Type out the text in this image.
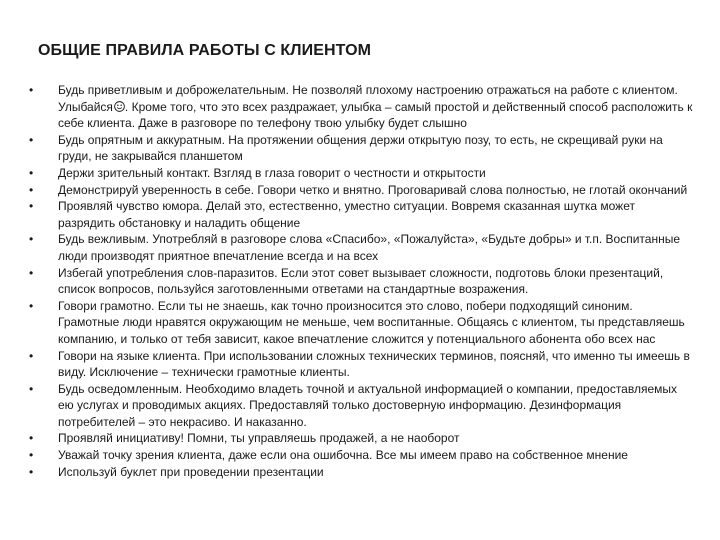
ОБЩИЕ ПРАВИЛА РАБОТЫ С КЛИЕНТОМ
• Будь приветливым и доброжелательным. Не позволяй плохому настроению отражаться на работе с клиентом. Улыбайся . Кроме того, что это всех раздражает, улыбка – самый простой и действенный способ расположить к себе клиента. Даже в разговоре по телефону твою улыбку будет слышно
• Будь опрятным и аккуратным. На протяжении общения держи открытую позу, то есть, не скрещивай руки на груди, не закрывайся планшетом
• Держи зрительный контакт. Взгляд в глаза говорит о честности и открытости
• Демонстрируй уверенность в себе. Говори четко и внятно. Проговаривай слова полностью, не глотай окончаний
• Проявляй чувство юмора. Делай это, естественно, уместно ситуации. Вовремя сказанная шутка может разрядить обстановку и наладить общение
• Будь вежливым. Употребляй в разговоре слова «Спасибо», «Пожалуйста», «Будьте добры» и т.п. Воспитанные люди производят приятное впечатление всегда и на всех
• Избегай употребления слов-паразитов. Если этот совет вызывает сложности, подготовь блоки презентаций, список вопросов, пользуйся заготовленными ответами на стандартные возражения.
• Говори грамотно. Если ты не знаешь, как точно произносится это слово, побери подходящий синоним. Грамотные люди нравятся окружающим не меньше, чем воспитанные. Общаясь с клиентом, ты представляешь компанию, и только от тебя зависит, какое впечатление сложится у потенциального абонента обо всех нас
• Говори на языке клиента. При использовании сложных технических терминов, поясняй, что именно ты имеешь в виду. Исключение – технически грамотные клиенты.
• Будь осведомленным. Необходимо владеть точной и актуальной информацией о компании, предоставляемых ею услугах и проводимых акциях. Предоставляй только достоверную информацию. Дезинформация потребителей – это некрасиво. И наказанно.
• Проявляй инициативу! Помни, ты управляешь продажей, а не наоборот
• Уважай точку зрения клиента, даже если она ошибочна. Все мы имеем право на собственное мнение
• Используй буклет при проведении презентации
